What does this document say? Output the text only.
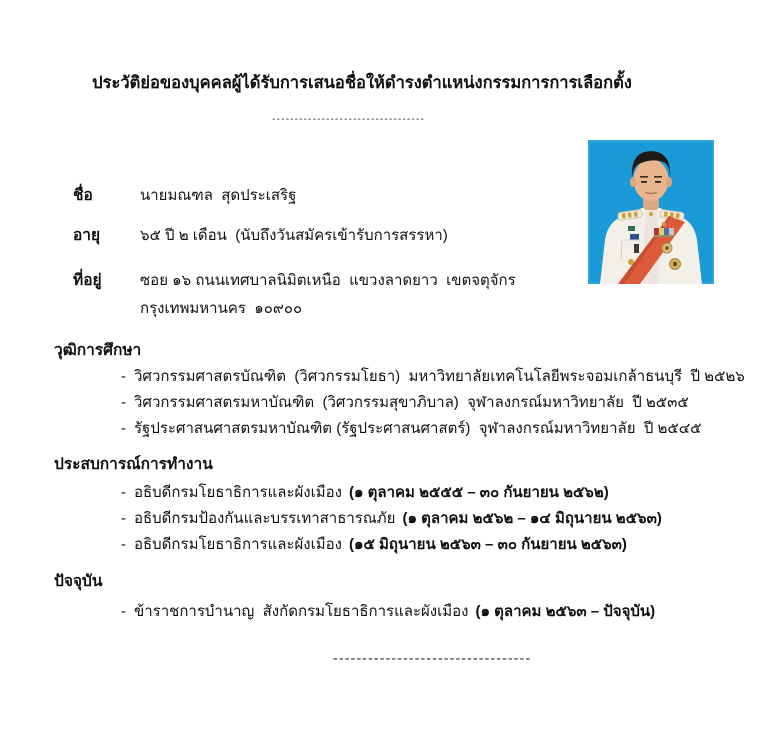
ประวัติย่อของบุคคลผู้ได้รับการเสนอชื่อให้ดำรงตำแหน่งกรรมการการเลือกตั้ง
----------------------------------
ชื่อ	นายมณฑล  สุดประเสริฐ
อายุ	๖๕ ปี ๒ เดือน  (นับถึงวันสมัครเข้ารับการสรรหา)
ที่อยู่	ซอย ๑๖ ถนนเทศบาลนิมิตเหนือ  แขวงลาดยาว  เขตจตุจักร
กรุงเทพมหานคร  ๑๐๙๐๐
วุฒิการศึกษา
- วิศวกรรมศาสตรบัณฑิต  (วิศวกรรมโยธา)  มหาวิทยาลัยเทคโนโลยีพระจอมเกล้าธนบุรี  ปี ๒๕๒๖
- วิศวกรรมศาสตรมหาบัณฑิต  (วิศวกรรมสุขาภิบาล)  จุฬาลงกรณ์มหาวิทยาลัย  ปี ๒๕๓๕
- รัฐประศาสนศาสตรมหาบัณฑิต (รัฐประศาสนศาสตร์)  จุฬาลงกรณ์มหาวิทยาลัย  ปี ๒๕๔๕
ประสบการณ์การทำงาน
- อธิบดีกรมโยธาธิการและผังเมือง (๑ ตุลาคม ๒๕๕๕ – ๓๐ กันยายน ๒๕๖๒)
- อธิบดีกรมป้องกันและบรรเทาสาธารณภัย (๑ ตุลาคม ๒๕๖๒ – ๑๔ มิถุนายน ๒๕๖๓)
- อธิบดีกรมโยธาธิการและผังเมือง (๑๕ มิถุนายน ๒๕๖๓ – ๓๐ กันยายน ๒๕๖๓)
ปัจจุบัน
- ข้าราชการบำนาญ  สังกัดกรมโยธาธิการและผังเมือง (๑ ตุลาคม ๒๕๖๓ – ปัจจุบัน)
----------------------------------
